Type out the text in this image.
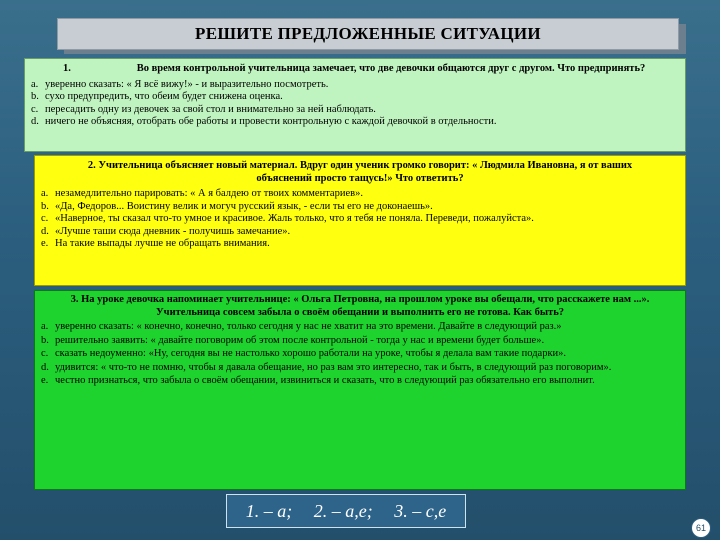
РЕШИТЕ ПРЕДЛОЖЕННЫЕ СИТУАЦИИ
1.	Во время контрольной учительница замечает, что две девочки общаются друг с другом. Что предпринять?
a. уверенно сказать: « Я всё вижу!» - и выразительно посмотреть.
b. сухо предупредить, что обеим будет снижена оценка.
c. пересадить одну из девочек за свой стол и внимательно за ней наблюдать.
d. ничего не объясняя, отобрать обе работы и провести контрольную с каждой девочкой в отдельности.
2. Учительница объясняет новый материал. Вдруг один ученик громко говорит: « Людмила Ивановна, я от ваших объяснений просто тащусь!» Что ответить?
a. незамедлительно парировать: « А я балдею от твоих комментариев».
b. «Да, Федоров... Воистину велик и могуч русский язык, - если ты его не доконаешь».
c. «Наверное, ты сказал что-то умное и красивое. Жаль только, что я тебя не поняла. Переведи, пожалуйста».
d. «Лучше таши сюда дневник - получишь замечание».
e. На такие выпады лучше не обращать внимания.
3. На уроке девочка напоминает учительнице: « Ольга Петровна, на прошлом уроке вы обещали, что расскажете нам ...». Учительница совсем забыла о своём обещании и выполнить его не готова. Как быть?
a. уверенно сказать: « конечно, конечно, только сегодня у нас не хватит на это времени. Давайте в следующий раз.»
b. решительно заявить: « давайте поговорим об этом после контрольной - тогда у нас и времени будет больше».
c. сказать недоуменно: «Ну, сегодня вы не настолько хорошо работали на уроке, чтобы я делала вам такие подарки».
d. удивится: « что-то не помню, чтобы я давала обещание, но раз вам это интересно, так и быть, в следующий раз поговорим».
e. честно признаться, что забыла о своём обещании, извиниться и сказать, что в следующий раз обязательно его выполнит.
1. – а; 2. – а,е; 3. – с,е
61
